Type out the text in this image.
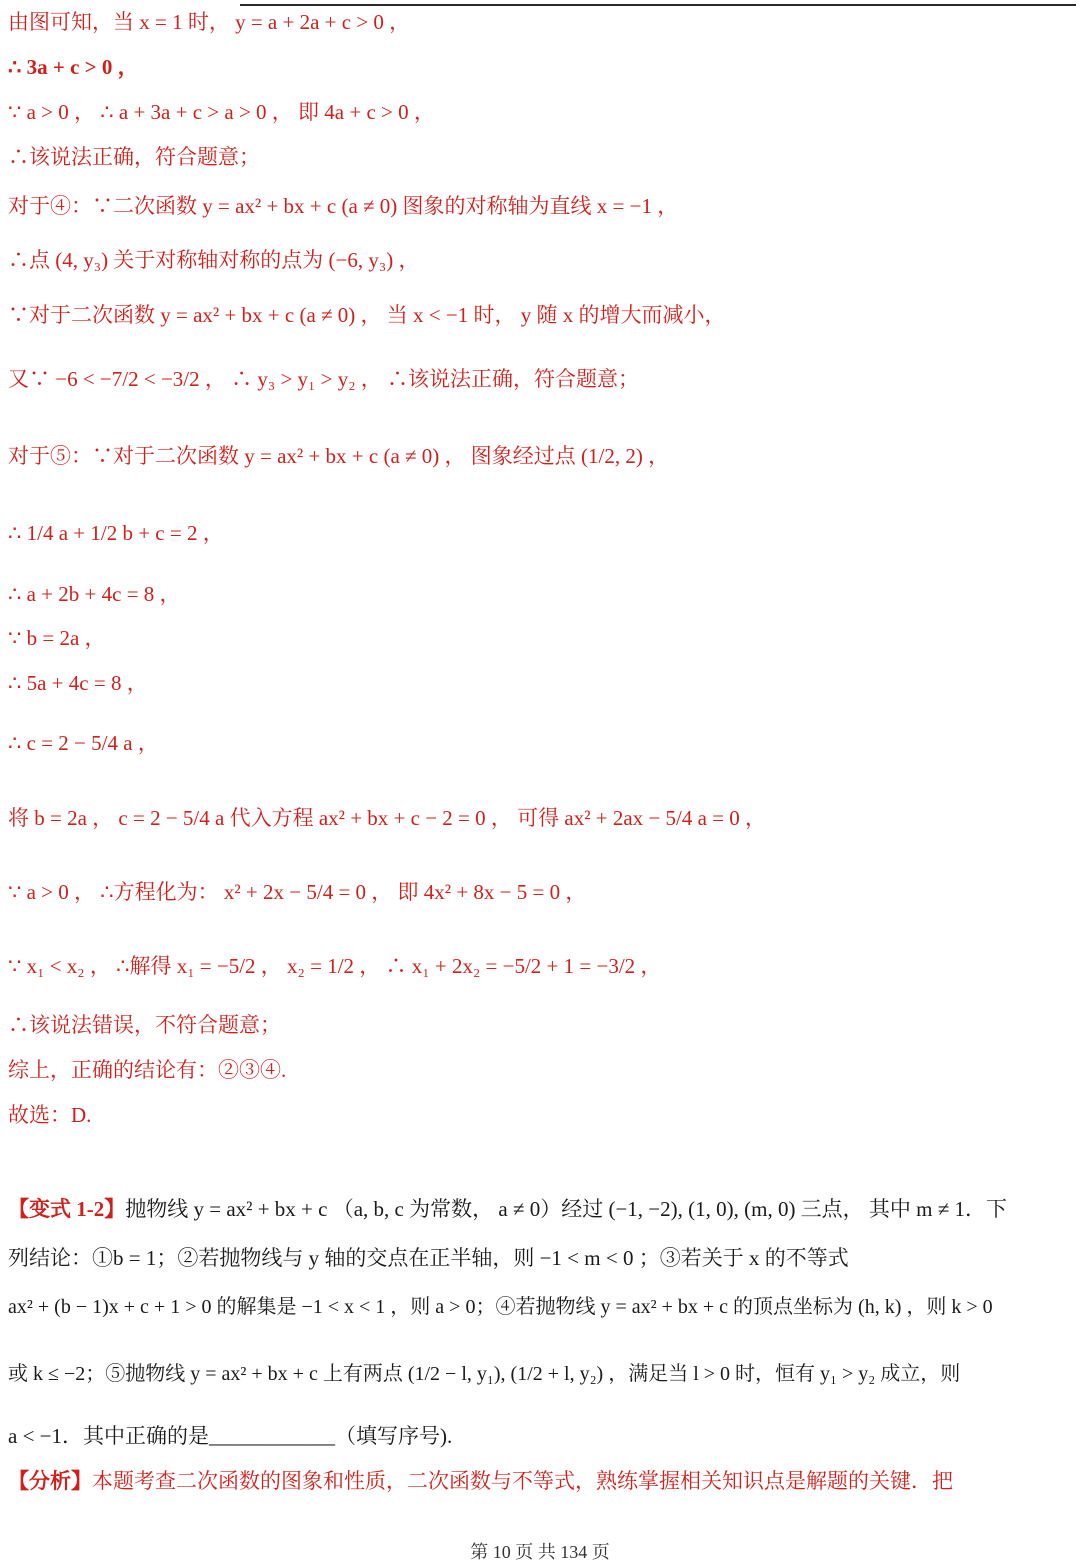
由图可知，当 x = 1 时， y = a + 2a + c > 0 ，
∴ 3a + c > 0 ，
∵ a > 0 ， ∴ a + 3a + c > a > 0 ， 即 4a + c > 0 ，
∴该说法正确，符合题意；
对于④：∵二次函数 y = ax² + bx + c (a ≠ 0) 图象的对称轴为直线 x = −1 ，
∴点 (4, y₃) 关于对称轴对称的点为 (−6, y₃) ，
∵对于二次函数 y = ax² + bx + c (a ≠ 0) ， 当 x < −1 时， y 随 x 的增大而减小，
又∵ −6 < −7/2 < −3/2 ， ∴ y₃ > y₁ > y₂ ， ∴该说法正确，符合题意；
对于⑤：∵对于二次函数 y = ax² + bx + c (a ≠ 0) ， 图象经过点 (1/2, 2) ，
∴ 1/4 a + 1/2 b + c = 2 ，
∴ a + 2b + 4c = 8 ，
∵ b = 2a ，
∴ 5a + 4c = 8 ，
∴ c = 2 − 5/4 a ，
将 b = 2a ， c = 2 − 5/4 a 代入方程 ax² + bx + c − 2 = 0 ， 可得 ax² + 2ax − 5/4 a = 0 ，
∵ a > 0 ， ∴方程化为： x² + 2x − 5/4 = 0 ， 即 4x² + 8x − 5 = 0 ，
∵ x₁ < x₂ ， ∴解得 x₁ = −5/2 ， x₂ = 1/2 ， ∴ x₁ + 2x₂ = −5/2 + 1 = −3/2 ，
∴该说法错误，不符合题意；
综上，正确的结论有：②③④.
故选：D.
【变式 1-2】抛物线 y = ax² + bx + c （a, b, c 为常数， a ≠ 0）经过 (−1, −2), (1, 0), (m, 0) 三点， 其中 m ≠ 1．下
列结论：①b = 1；②若抛物线与 y 轴的交点在正半轴，则 −1 < m < 0 ；③若关于 x 的不等式
ax² + (b − 1)x + c + 1 > 0 的解集是 −1 < x < 1 ，则 a > 0；④若抛物线 y = ax² + bx + c 的顶点坐标为 (h, k) ，则 k > 0
或 k ≤ −2；⑤抛物线 y = ax² + bx + c 上有两点 (1/2 − l, y₁), (1/2 + l, y₂) ，满足当 l > 0 时，恒有 y₁ > y₂ 成立，则
a < −1．其中正确的是____________（填写序号).
【分析】本题考查二次函数的图象和性质，二次函数与不等式，熟练掌握相关知识点是解题的关键．把
第 10 页 共 134 页
